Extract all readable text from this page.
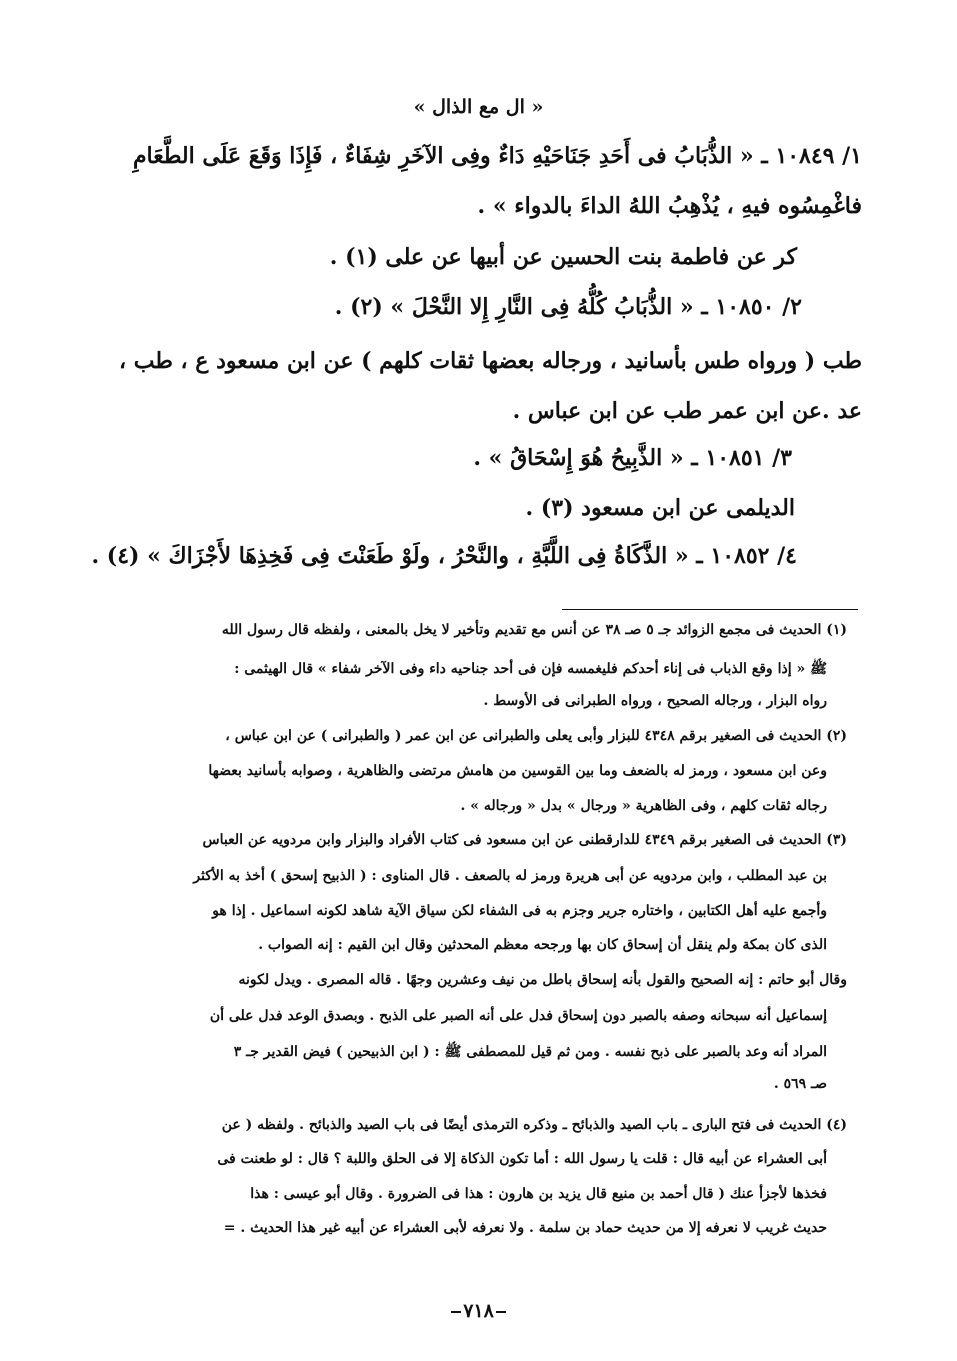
« ال مع الذال »
١/ ١٠٨٤٩ ـ « الذُّبَابُ فى أَحَدِ جَنَاحَيْهِ دَاءٌ وفِى الآخَرِ شِفَاءٌ ، فَإِذَا وَقَعَ عَلَى الطَّعَامِ
فاغْمِسُوه فيهِ ، يُذْهِبُ اللهُ الداءَ بالدواء » .
كر عن فاطمة بنت الحسين عن أبيها عن على (١) .
٢/ ١٠٨٥٠ ـ « الذُّبَابُ كُلُّهُ فِى النَّارِ إِلا النَّحْلَ » (٢) .
طب ( ورواه طس بأسانيد ، ورجاله بعضها ثقات كلهم ) عن ابن مسعود ع ، طب ،
عد .عن ابن عمر طب عن ابن عباس .
٣/ ١٠٨٥١ ـ « الذَّبِيحُ هُوَ إِسْحَاقُ » .
الديلمى عن ابن مسعود (٣) .
٤/ ١٠٨٥٢ ـ « الذَّكَاةُ فِى اللَّبَّةِ ، والنَّحْرُ ، ولَوْ طَعَنْتَ فِى فَخِذِهَا لأَجْزَاكَ » (٤) .
(١) الحديث فى مجمع الزوائد جـ ٥ صـ ٣٨ عن أنس مع تقديم وتأخير لا يخل بالمعنى ، ولفظه قال رسول الله
ﷺ « إذا وقع الذباب فى إناء أحدكم فليغمسه فإن فى أحد جناحيه داء وفى الآخر شفاء » قال الهيثمى :
رواه البزار ، ورجاله الصحيح ، ورواه الطبرانى فى الأوسط .
(٢) الحديث فى الصغير برقم ٤٣٤٨ للبزار وأبى يعلى والطبرانى عن ابن عمر ( والطبرانى ) عن ابن عباس ،
وعن ابن مسعود ، ورمز له بالضعف وما بين القوسين من هامش مرتضى والظاهرية ، وصوابه بأسانيد بعضها
رجاله ثقات كلهم ، وفى الظاهرية « ورجال » بدل « ورجاله » .
(٣) الحديث فى الصغير برقم ٤٣٤٩ للدارقطنى عن ابن مسعود فى كتاب الأفراد والبزار وابن مردويه عن العباس
بن عبد المطلب ، وابن مردويه عن أبى هريرة ورمز له بالصعف . قال المناوى : ( الذبيح إسحق ) أخذ به الأكثر
وأجمع عليه أهل الكتابين ، واختاره جرير وجزم به فى الشفاء لكن سياق الآية شاهد لكونه اسماعيل . إذا هو
الذى كان بمكة ولم ينقل أن إسحاق كان بها ورجحه معظم المحدثين وقال ابن القيم : إنه الصواب .
وقال أبو حاتم : إنه الصحيح والقول بأنه إسحاق باطل من نيف وعشرين وجهًا . قاله المصرى . ويدل لكونه
إسماعيل أنه سبحانه وصفه بالصبر دون إسحاق فدل على أنه الصبر على الذبح . وبصدق الوعد فدل على أن
المراد أنه وعد بالصبر على ذبح نفسه . ومن ثم قيل للمصطفى ﷺ : ( ابن الذبيحين ) فيض القدير جـ ٣
صـ ٥٦٩ .
(٤) الحديث فى فتح البارى ـ باب الصيد والذبائح ـ وذكره الترمذى أيضًا فى باب الصيد والذبائح . ولفظه ( عن
أبى العشراء عن أبيه قال : قلت يا رسول الله : أما تكون الذكاة إلا فى الحلق واللبة ؟ قال : لو طعنت فى
فخذها لأجزأ عنك ( قال أحمد بن منيع قال يزيد بن هارون : هذا فى الضرورة . وقال أبو عيسى : هذا
حديث غريب لا نعرفه إلا من حديث حماد بن سلمة . ولا نعرفه لأبى العشراء عن أبيه غير هذا الحديث . =
٧١٨
